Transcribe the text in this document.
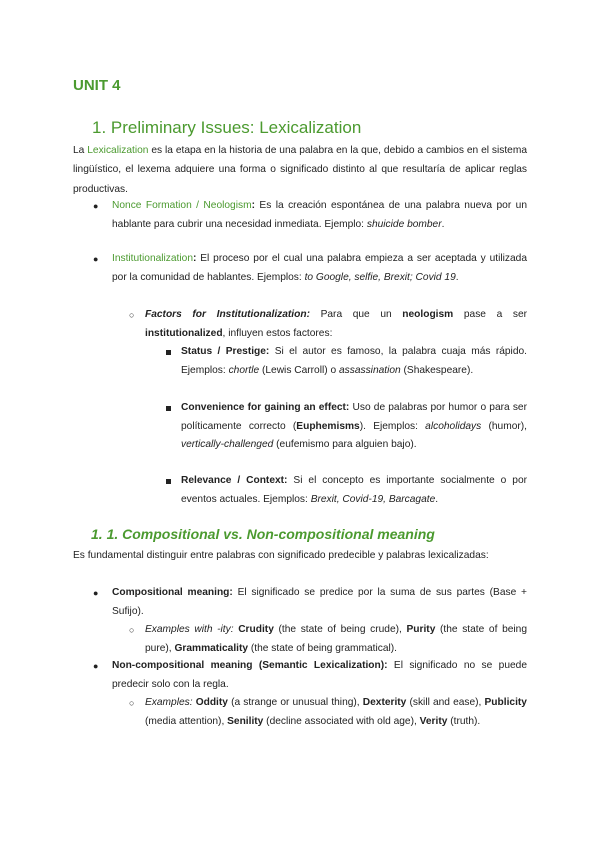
UNIT 4
1. Preliminary Issues: Lexicalization

La Lexicalization es la etapa en la historia de una palabra en la que, debido a cambios en el sistema lingüístico, el lexema adquiere una forma o significado distinto al que resultaría de aplicar reglas productivas.

● Nonce Formation / Neologism: Es la creación espontánea de una palabra nueva por un hablante para cubrir una necesidad inmediata. Ejemplo: shuicide bomber.

● Institutionalization: El proceso por el cual una palabra empieza a ser aceptada y utilizada por la comunidad de hablantes. Ejemplos: to Google, selfie, Brexit; Covid 19.

○ Factors for Institutionalization: Para que un neologism pase a ser institutionalized, influyen estos factores:

Status / Prestige: Si el autor es famoso, la palabra cuaja más rápido. Ejemplos: chortle (Lewis Carroll) o assassination (Shakespeare).

Convenience for gaining an effect: Uso de palabras por humor o para ser políticamente correcto (Euphemisms). Ejemplos: alcoholidays (humor), vertically-challenged (eufemismo para alguien bajo).

Relevance / Context: Si el concepto es importante socialmente o por eventos actuales. Ejemplos: Brexit, Covid-19, Barcagate.

1. 1. Compositional vs. Non-compositional meaning

Es fundamental distinguir entre palabras con significado predecible y palabras lexicalizadas:

● Compositional meaning: El significado se predice por la suma de sus partes (Base + Sufijo).

○ Examples with -ity: Crudity (the state of being crude), Purity (the state of being pure), Grammaticality (the state of being grammatical).

● Non-compositional meaning (Semantic Lexicalization): El significado no se puede predecir solo con la regla.

○ Examples: Oddity (a strange or unusual thing), Dexterity (skill and ease), Publicity (media attention), Senility (decline associated with old age), Verity (truth).
